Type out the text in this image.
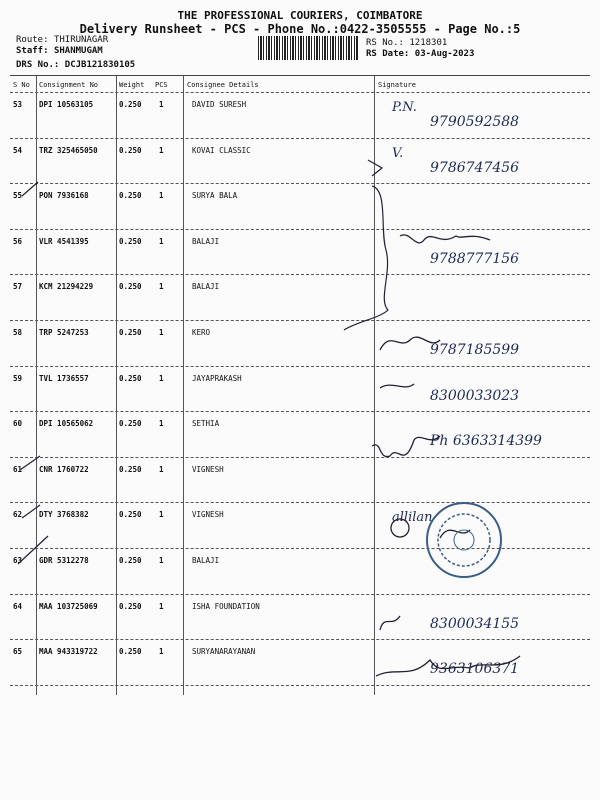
THE PROFESSIONAL COURIERS, COIMBATORE
Delivery Runsheet - PCS - Phone No.:0422-3505555 - Page No.:5
Route: THIRUNAGAR
Staff: SHANMUGAM
DRS No.: DCJB121830105
RS No.: 1218301
RS Date: 03-Aug-2023
S No Consignment No	Weight PCS	Consignee Details	Signature
53 DPI 10563105	0.250 1	DAVID SURESH	P.N.
9790592588
54 TRZ 325465050	0.250 1	KOVAI CLASSIC	V.
9786747456
55 PON 7936168	0.250 1	SURYA BALA
56 VLR 4541395	0.250 1	BALAJI
9788777156
57 KCM 21294229	0.250 1	BALAJI
58 TRP 5247253	0.250 1	KERO
9787185599
59 TVL 1736557	0.250 1	JAYAPRAKASH
8300033023
60 DPI 10565062	0.250 1	SETHIA
Ph 6363314399
61 CNR 1760722	0.250 1	VIGNESH
62 DTY 3768382	0.250 1	VIGNESH	allilan
63 GDR 5312278	0.250 1	BALAJI
64 MAA 103725069	0.250 1	ISHA FOUNDATION
8300034155
65 MAA 943319722	0.250 1	SURYANARAYANAN
9363106371
